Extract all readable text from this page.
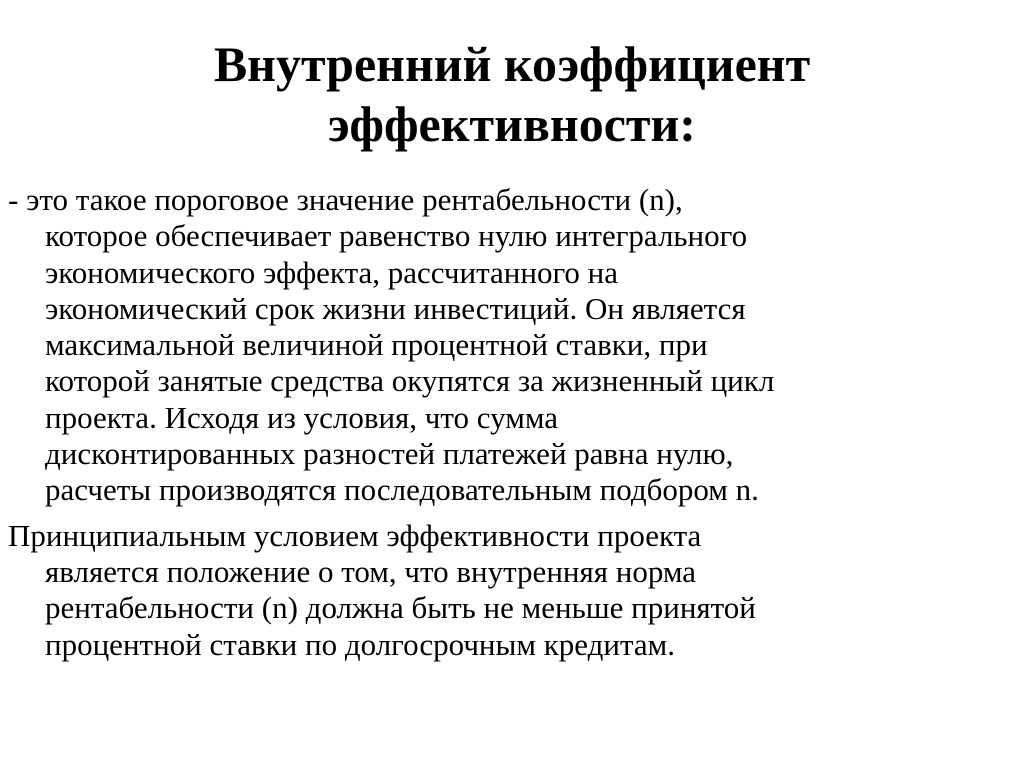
Внутренний коэффициент
эффективности:

- это такое пороговое значение рентабельности (n),
которое обеспечивает равенство нулю интегрального
экономического эффекта, рассчитанного на
экономический срок жизни инвестиций. Он является
максимальной величиной процентной ставки, при
которой занятые средства окупятся за жизненный цикл
проекта. Исходя из условия, что сумма
дисконтированных разностей платежей равна нулю,
расчеты производятся последовательным подбором n.

Принципиальным условием эффективности проекта
является положение о том, что внутренняя норма
рентабельности (n) должна быть не меньше принятой
процентной ставки по долгосрочным кредитам.
